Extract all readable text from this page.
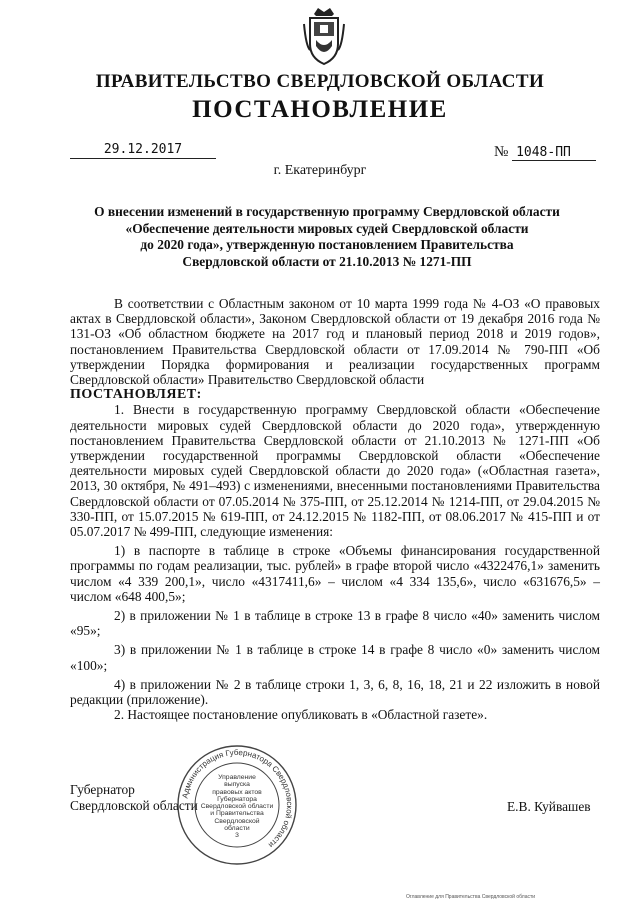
ПРАВИТЕЛЬСТВО СВЕРДЛОВСКОЙ ОБЛАСТИ
ПОСТАНОВЛЕНИЕ
29.12.2017	№ 1048-ПП
г. Екатеринбург
О внесении изменений в государственную программу Свердловской области
«Обеспечение деятельности мировых судей Свердловской области
до 2020 года», утвержденную постановлением Правительства
Свердловской области от 21.10.2013 № 1271-ПП

В соответствии с Областным законом от 10 марта 1999 года № 4-ОЗ «О правовых актах в Свердловской области», Законом Свердловской области от 19 декабря 2016 года № 131-ОЗ «Об областном бюджете на 2017 год и плановый период 2018 и 2019 годов», постановлением Правительства Свердловской области от 17.09.2014 № 790-ПП «Об утверждении Порядка формирования и реализации государственных программ Свердловской области» Правительство Свердловской области

ПОСТАНОВЛЯЕТ:

1. Внести в государственную программу Свердловской области «Обеспечение деятельности мировых судей Свердловской области до 2020 года», утвержденную постановлением Правительства Свердловской области от 21.10.2013 № 1271-ПП «Об утверждении государственной программы Свердловской области «Обеспечение деятельности мировых судей Свердловской области до 2020 года» («Областная газета», 2013, 30 октября, № 491–493) с изменениями, внесенными постановлениями Правительства Свердловской области от 07.05.2014 № 375-ПП, от 25.12.2014 № 1214-ПП, от 29.04.2015 № 330-ПП, от 15.07.2015 № 619-ПП, от 24.12.2015 № 1182-ПП, от 08.06.2017 № 415-ПП и от 05.07.2017 № 499-ПП, следующие изменения:

1) в паспорте в таблице в строке «Объемы финансирования государственной программы по годам реализации, тыс. рублей» в графе второй число «4322476,1» заменить числом «4 339 200,1», число «4317411,6» – числом «4 334 135,6», число «631676,5» – числом «648 400,5»;

2) в приложении № 1 в таблице в строке 13 в графе 8 число «40» заменить числом «95»;

3) в приложении № 1 в таблице в строке 14 в графе 8 число «0» заменить числом «100»;

4) в приложении № 2 в таблице строки 1, 3, 6, 8, 16, 18, 21 и 22 изложить в новой редакции (приложение).

2. Настоящее постановление опубликовать в «Областной газете».

Губернатор
Свердловской области	Е.В. Куйвашев
Администрация Губернатора Свердловской области
Управление
выпуска
правовых актов
Губернатора
Свердловской области
и Правительства
Свердловской
области
3
Оглавление для Правительства Свердловской области
